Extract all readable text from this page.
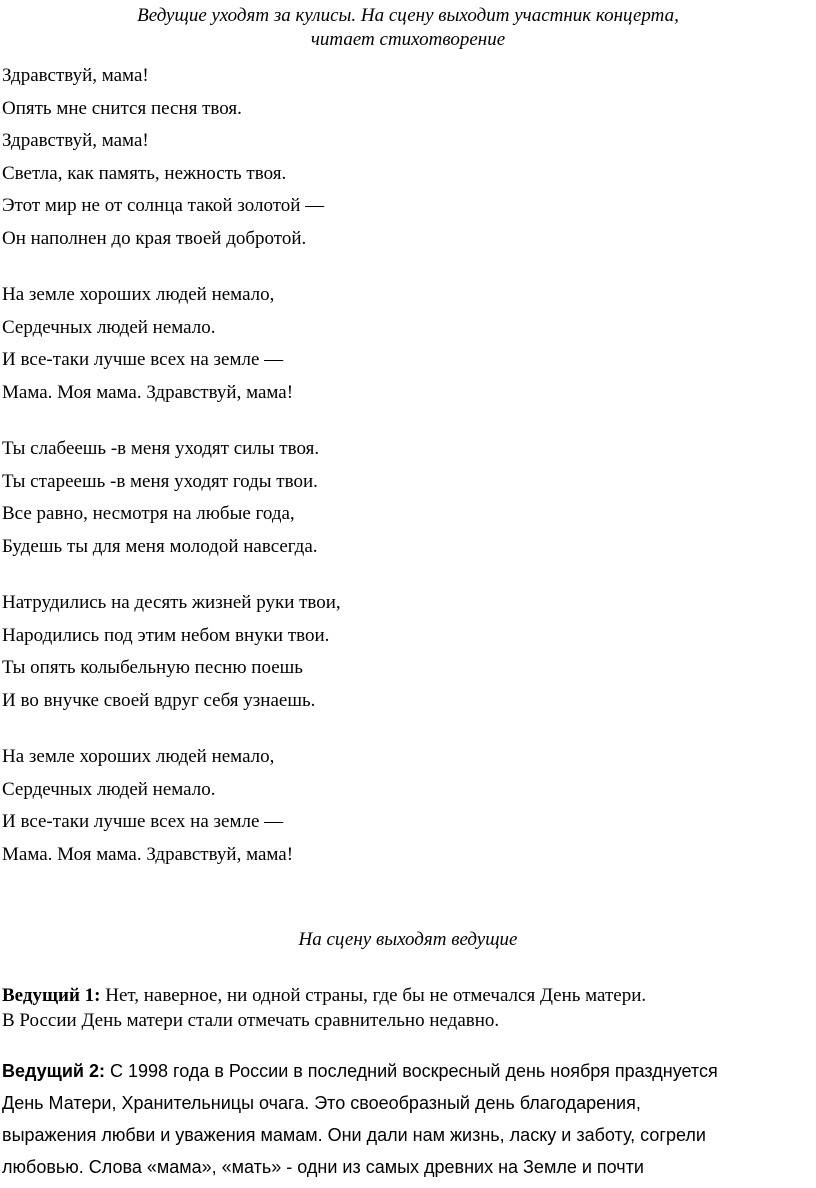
Ведущие уходят за кулисы. На сцену выходит участник концерта,
читает стихотворение
Здравствуй, мама!
Опять мне снится песня твоя.
Здравствуй, мама!
Светла, как память, нежность твоя.
Этот мир не от солнца такой золотой —
Он наполнен до края твоей добротой.
На земле хороших людей немало,
Сердечных людей немало.
И все-таки лучше всех на земле —
Мама. Моя мама. Здравствуй, мама!
Ты слабеешь -в меня уходят силы твоя.
Ты стареешь -в меня уходят годы твои.
Все равно, несмотря на любые года,
Будешь ты для меня молодой навсегда.
Натрудились на десять жизней руки твои,
Народились под этим небом внуки твои.
Ты опять колыбельную песню поешь
И во внучке своей вдруг себя узнаешь.
На земле хороших людей немало,
Сердечных людей немало.
И все-таки лучше всех на земле —
Мама. Моя мама. Здравствуй, мама!
На сцену выходят ведущие
Ведущий 1: Нет, наверное, ни одной страны, где бы не отмечался День матери.
В России День матери стали отмечать сравнительно недавно.
Ведущий 2: С 1998 года в России в последний воскресный день ноября празднуется
День Матери, Хранительницы очага. Это своеобразный день благодарения,
выражения любви и уважения мамам. Они дали нам жизнь, ласку и заботу, согрели
любовью. Слова «мама», «мать» - одни из самых древних на Земле и почти
